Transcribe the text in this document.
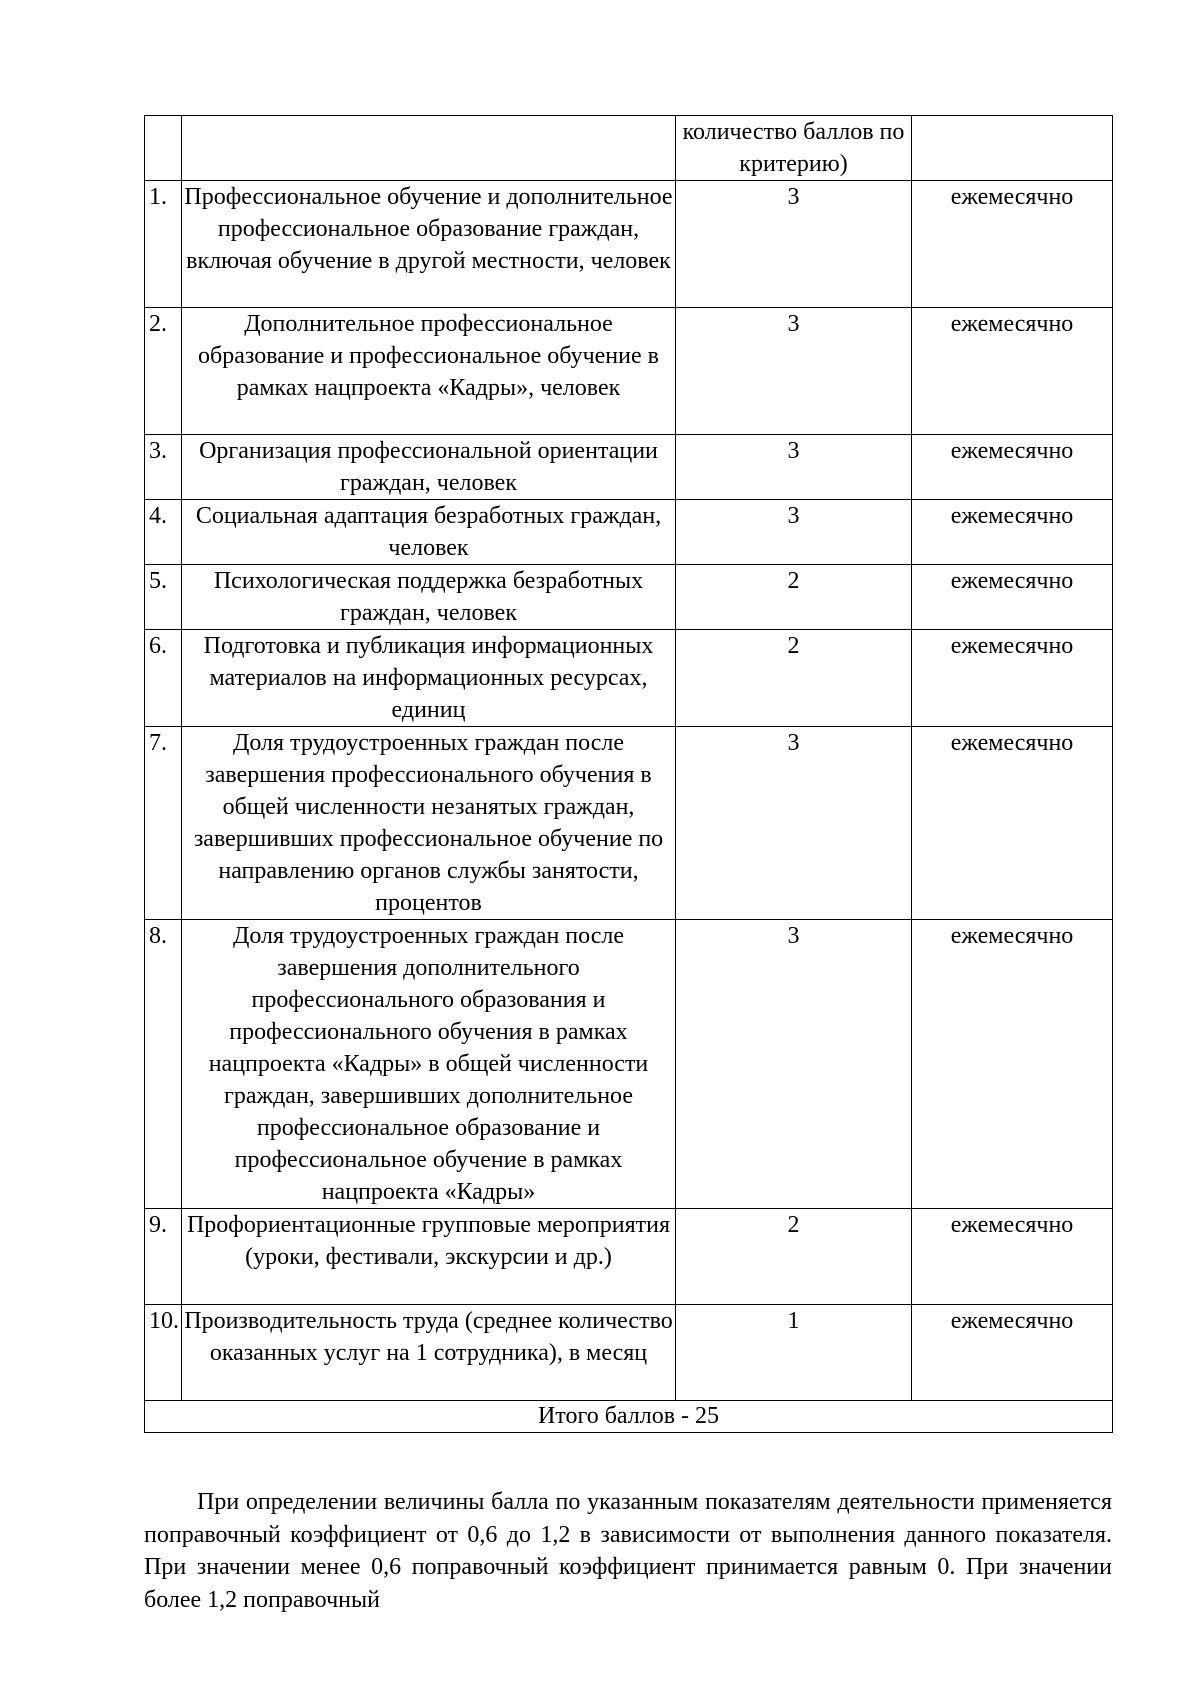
		количество баллов по критерию)	
1.	Профессиональное обучение и дополнительное профессиональное образование граждан, включая обучение в другой местности, человек	3	ежемесячно
2.	Дополнительное профессиональное образование и профессиональное обучение в рамках нацпроекта «Кадры», человек	3	ежемесячно
3.	Организация профессиональной ориентации граждан, человек	3	ежемесячно
4.	Социальная адаптация безработных граждан, человек	3	ежемесячно
5.	Психологическая поддержка безработных граждан, человек	2	ежемесячно
6.	Подготовка и публикация информационных материалов на информационных ресурсах, единиц	2	ежемесячно
7.	Доля трудоустроенных граждан после завершения профессионального обучения в общей численности незанятых граждан, завершивших профессиональное обучение по направлению органов службы занятости, процентов	3	ежемесячно
8.	Доля трудоустроенных граждан после завершения дополнительного профессионального образования и профессионального обучения в рамках нацпроекта «Кадры» в общей численности граждан, завершивших дополнительное профессиональное образование и профессиональное обучение в рамках нацпроекта «Кадры»	3	ежемесячно
9.	Профориентационные групповые мероприятия (уроки, фестивали, экскурсии и др.)	2	ежемесячно
10.	Производительность труда (среднее количество оказанных услуг на 1 сотрудника), в месяц	1	ежемесячно
Итого баллов - 25			

При определении величины балла по указанным показателям деятельности применяется поправочный коэффициент от 0,6 до 1,2 в зависимости от выполнения данного показателя. При значении менее 0,6 поправочный коэффициент принимается равным 0. При значении более 1,2 поправочный
